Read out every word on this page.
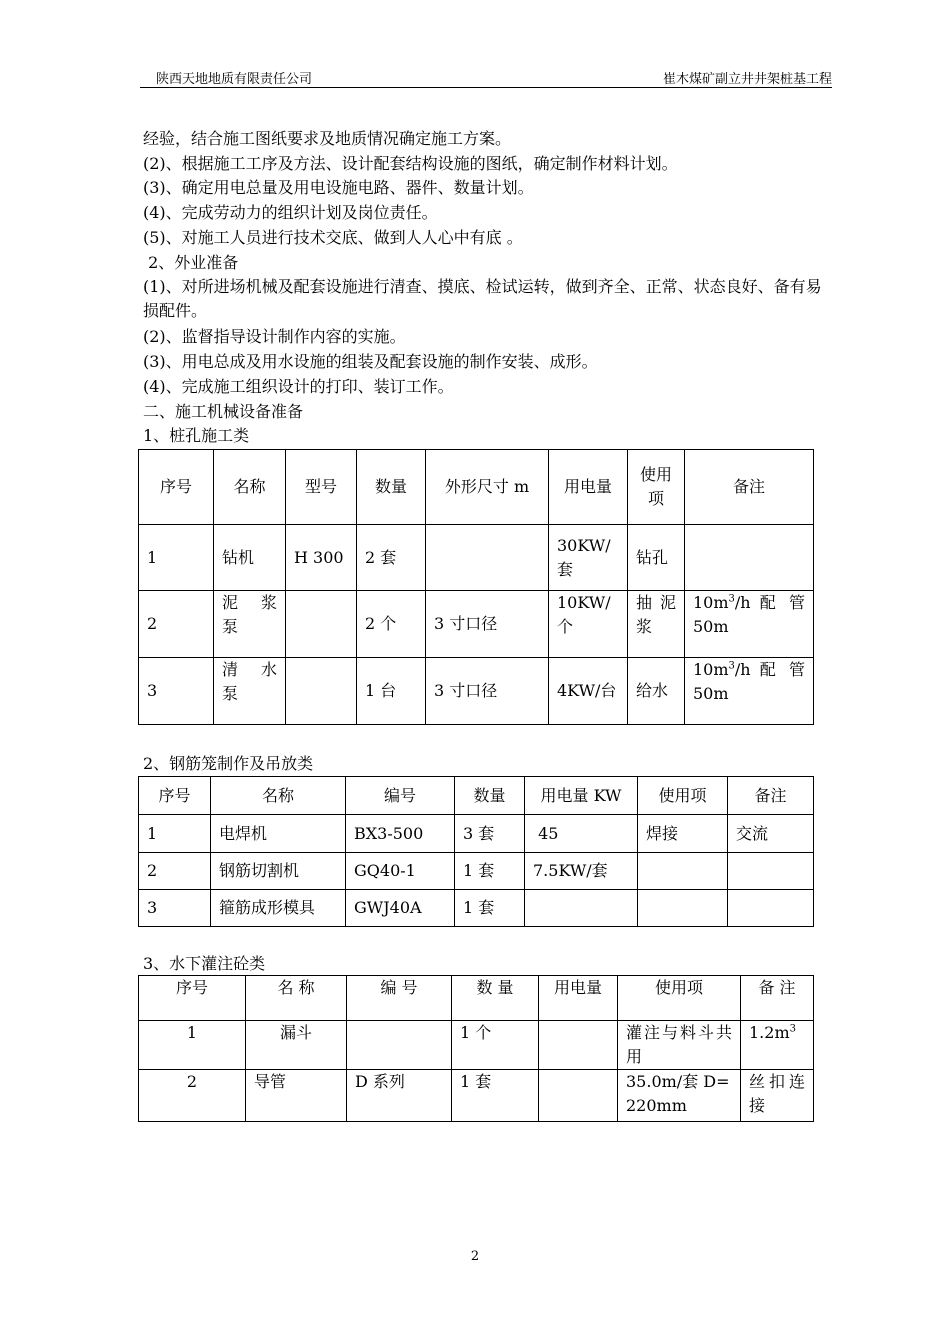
陕西天地地质有限责任公司	崔木煤矿副立井井架桩基工程
经验，结合施工图纸要求及地质情况确定施工方案。
(2)、根据施工工序及方法、设计配套结构设施的图纸，确定制作材料计划。
(3)、确定用电总量及用电设施电路、器件、数量计划。
(4)、完成劳动力的组织计划及岗位责任。
(5)、对施工人员进行技术交底、做到人人心中有底 。
2、外业准备
(1)、对所进场机械及配套设施进行清查、摸底、检试运转，做到齐全、正常、状态良好、备有易损配件。
(2)、监督指导设计制作内容的实施。
(3)、用电总成及用水设施的组装及配套设施的制作安装、成形。
(4)、完成施工组织设计的打印、装订工作。
二、施工机械设备准备
1、桩孔施工类
序号	名称	型号	数量	外形尺寸 m	用电量	使用项	备注
1	钻机	H 300	2 套		30KW/套	钻孔	
2	泥 浆 泵		2 个	3 寸口径	10KW/个	抽 泥 浆	$10m^3/h$ 配 管 50m
3	清 水 泵		1 台	3 寸口径	4KW/台	给水	$10m^3/h$ 配 管 50m
2、钢筋笼制作及吊放类
序号	名称	编号	数量	用电量 KW	使用项	备注
1	电焊机	BX3-500	3 套	45	焊接	交流
2	钢筋切割机	GQ40-1	1 套	7.5KW/套		
3	箍筋成形模具	GWJ40A	1 套			
3、水下灌注砼类
序号	名 称	编 号	数 量	用电量	使用项	备 注
1	漏斗		1 个		灌注与料斗共用	$1.2m^3$
2	导管	D 系列	1 套		35.0m/套 D=220mm	丝扣连接
2
